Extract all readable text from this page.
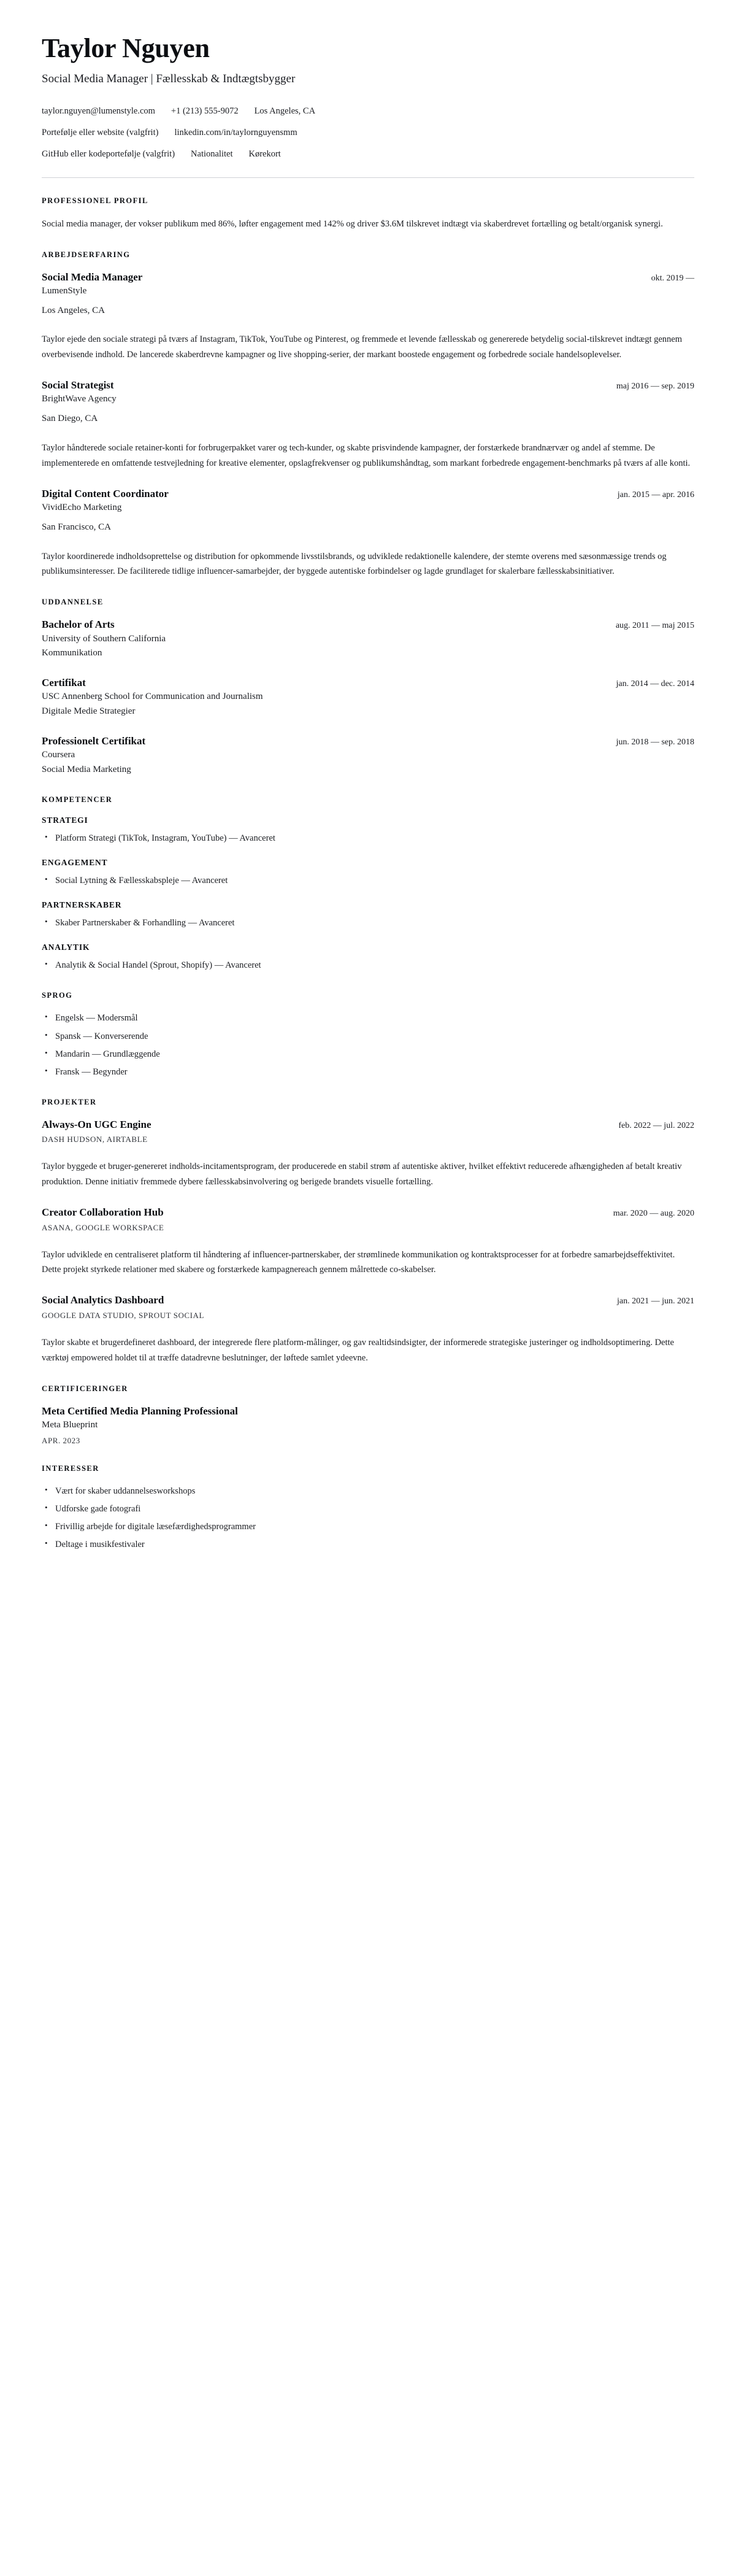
Taylor Nguyen
Social Media Manager | Fællesskab & Indtægtsbygger
taylor.nguyen@lumenstyle.com +1 (213) 555-9072 Los Angeles, CA
Portefølje eller website (valgfrit) linkedin.com/in/taylornguyensmm
GitHub eller kodeportefølje (valgfrit) Nationalitet Kørekort
PROFESSIONEL PROFIL

Social media manager, der vokser publikum med 86%, løfter engagement med 142% og driver $3.6M tilskrevet indtægt via skaberdrevet fortælling og betalt/organisk synergi.

ARBEJDSERFARING
Social Media Manager	okt. 2019 —
LumenStyle
Los Angeles, CA

Taylor ejede den sociale strategi på tværs af Instagram, TikTok, YouTube og Pinterest, og fremmede et levende fællesskab og genererede betydelig social-tilskrevet indtægt gennem overbevisende indhold. De lancerede skaberdrevne kampagner og live shopping-serier, der markant boostede engagement og forbedrede sociale handelsoplevelser.

Social Strategist	maj 2016 — sep. 2019
BrightWave Agency
San Diego, CA

Taylor håndterede sociale retainer-konti for forbrugerpakket varer og tech-kunder, og skabte prisvindende kampagner, der forstærkede brandnærvær og andel af stemme. De implementerede en omfattende testvejledning for kreative elementer, opslagfrekvenser og publikumshåndtag, som markant forbedrede engagement-benchmarks på tværs af alle konti.

Digital Content Coordinator	jan. 2015 — apr. 2016
VividEcho Marketing
San Francisco, CA

Taylor koordinerede indholdsoprettelse og distribution for opkommende livsstilsbrands, og udviklede redaktionelle kalendere, der stemte overens med sæsonmæssige trends og publikumsinteresser. De faciliterede tidlige influencer-samarbejder, der byggede autentiske forbindelser og lagde grundlaget for skalerbare fællesskabsinitiativer.

UDDANNELSE
Bachelor of Arts	aug. 2011 — maj 2015
University of Southern California
Kommunikation
Certifikat	jan. 2014 — dec. 2014
USC Annenberg School for Communication and Journalism
Digitale Medie Strategier
Professionelt Certifikat	jun. 2018 — sep. 2018
Coursera
Social Media Marketing
KOMPETENCER
STRATEGI
• Platform Strategi (TikTok, Instagram, YouTube) — Avanceret
ENGAGEMENT
• Social Lytning & Fællesskabspleje — Avanceret
PARTNERSKABER
• Skaber Partnerskaber & Forhandling — Avanceret
ANALYTIK
• Analytik & Social Handel (Sprout, Shopify) — Avanceret
SPROG
• Engelsk — Modersmål
• Spansk — Konverserende
• Mandarin — Grundlæggende
• Fransk — Begynder
PROJEKTER
Always-On UGC Engine	feb. 2022 — jul. 2022
DASH HUDSON, AIRTABLE

Taylor byggede et bruger-genereret indholds-incitamentsprogram, der producerede en stabil strøm af autentiske aktiver, hvilket effektivt reducerede afhængigheden af betalt kreativ produktion. Denne initiativ fremmede dybere fællesskabsinvolvering og berigede brandets visuelle fortælling.

Creator Collaboration Hub	mar. 2020 — aug. 2020
ASANA, GOOGLE WORKSPACE

Taylor udviklede en centraliseret platform til håndtering af influencer-partnerskaber, der strømlinede kommunikation og kontraktsprocesser for at forbedre samarbejdseffektivitet. Dette projekt styrkede relationer med skabere og forstærkede kampagnereach gennem målrettede co-skabelser.

Social Analytics Dashboard	jan. 2021 — jun. 2021
GOOGLE DATA STUDIO, SPROUT SOCIAL

Taylor skabte et brugerdefineret dashboard, der integrerede flere platform-målinger, og gav realtidsindsigter, der informerede strategiske justeringer og indholdsoptimering. Dette værktøj empowered holdet til at træffe datadrevne beslutninger, der løftede samlet ydeevne.

CERTIFICERINGER
Meta Certified Media Planning Professional
Meta Blueprint
APR. 2023
INTERESSER
• Vært for skaber uddannelsesworkshops
• Udforske gade fotografi
• Frivillig arbejde for digitale læsefærdighedsprogrammer
• Deltage i musikfestivaler
